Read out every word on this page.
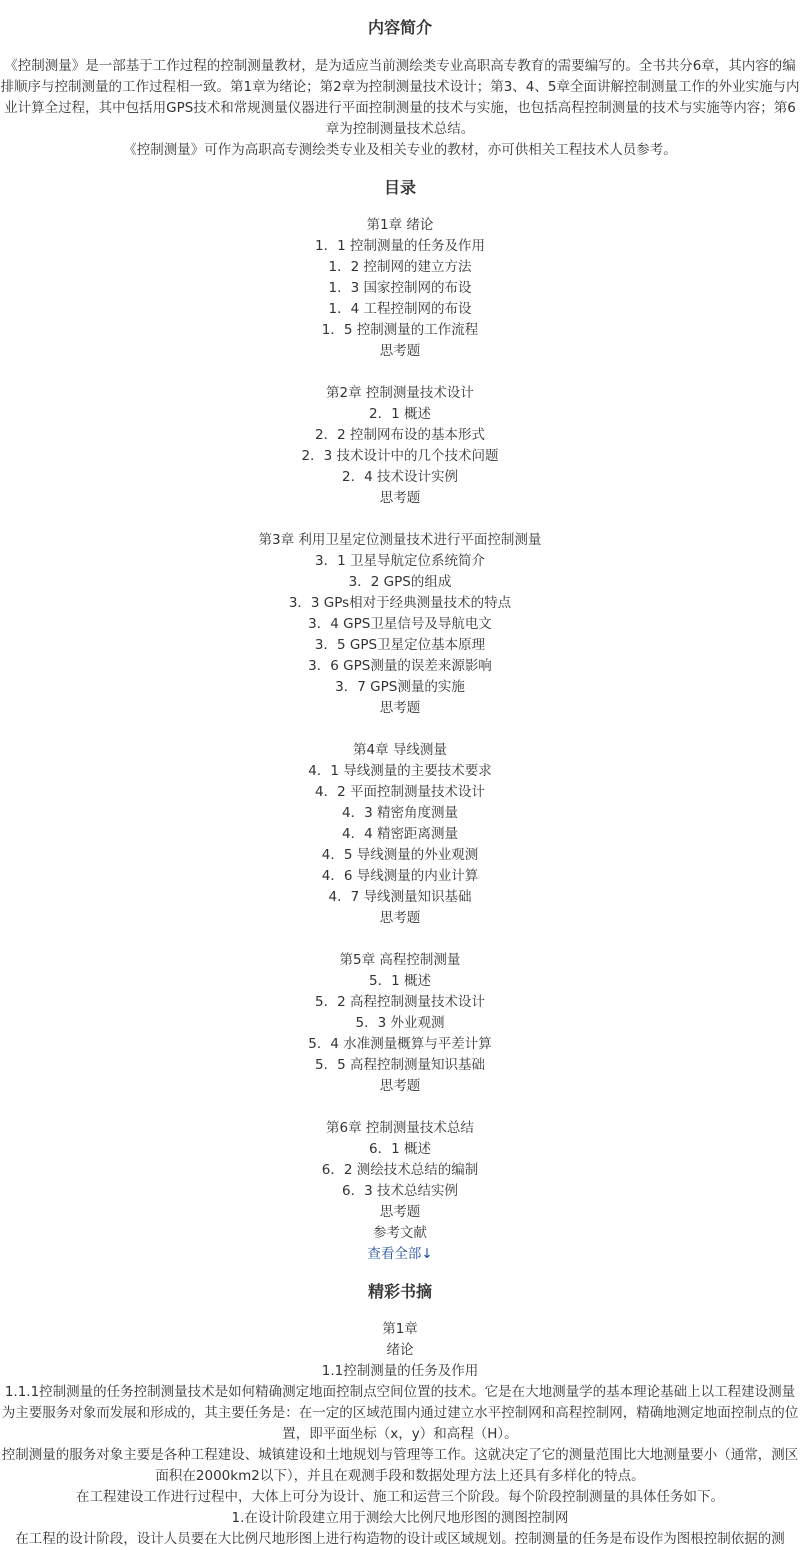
内容简介

《控制测量》是一部基于工作过程的控制测量教材，是为适应当前测绘类专业高职高专教育的需要编写的。全书共分6章，其内容的编排顺序与控制测量的工作过程相一致。第1章为绪论；第2章为控制测量技术设计；第3、4、5章全面讲解控制测量工作的外业实施与内业计算全过程，其中包括用GPS技术和常规测量仪器进行平面控制测量的技术与实施，也包括高程控制测量的技术与实施等内容；第6章为控制测量技术总结。

《控制测量》可作为高职高专测绘类专业及相关专业的教材，亦可供相关工程技术人员参考。

目录
第1章 绪论
1．1 控制测量的任务及作用
1．2 控制网的建立方法
1．3 国家控制网的布设
1．4 工程控制网的布设
1．5 控制测量的工作流程
思考题
第2章 控制测量技术设计
2．1 概述
2．2 控制网布设的基本形式
2．3 技术设计中的几个技术问题
2．4 技术设计实例
思考题
第3章 利用卫星定位测量技术进行平面控制测量
3．1 卫星导航定位系统简介
3．2 GPS的组成
3．3 GPs相对于经典测量技术的特点
3．4 GPS卫星信号及导航电文
3．5 GPS卫星定位基本原理
3．6 GPS测量的误差来源影响
3．7 GPS测量的实施
思考题
第4章 导线测量
4．1 导线测量的主要技术要求
4．2 平面控制测量技术设计
4．3 精密角度测量
4．4 精密距离测量
4．5 导线测量的外业观测
4．6 导线测量的内业计算
4．7 导线测量知识基础
思考题
第5章 高程控制测量
5．1 概述
5．2 高程控制测量技术设计
5．3 外业观测
5．4 水准测量概算与平差计算
5．5 高程控制测量知识基础
思考题
第6章 控制测量技术总结
6．1 概述
6．2 测绘技术总结的编制
6．3 技术总结实例
思考题
参考文献
查看全部↓
精彩书摘

第1章

绪论

1.1控制测量的任务及作用

1.1.1控制测量的任务控制测量技术是如何精确测定地面控制点空间位置的技术。它是在大地测量学的基本理论基础上以工程建设测量为主要服务对象而发展和形成的，其主要任务是：在一定的区域范围内通过建立水平控制网和高程控制网，精确地测定地面控制点的位置，即平面坐标（x，y）和高程（H）。

控制测量的服务对象主要是各种工程建设、城镇建设和土地规划与管理等工作。这就决定了它的测量范围比大地测量要小（通常，测区面积在2000km2以下），并且在观测手段和数据处理方法上还具有多样化的特点。

在工程建设工作进行过程中，大体上可分为设计、施工和运营三个阶段。每个阶段控制测量的具体任务如下。

1.在设计阶段建立用于测绘大比例尺地形图的测图控制网

在工程的设计阶段，设计人员要在大比例尺地形图上进行构造物的设计或区域规划。控制测量的任务是布设作为图根控制依据的测
